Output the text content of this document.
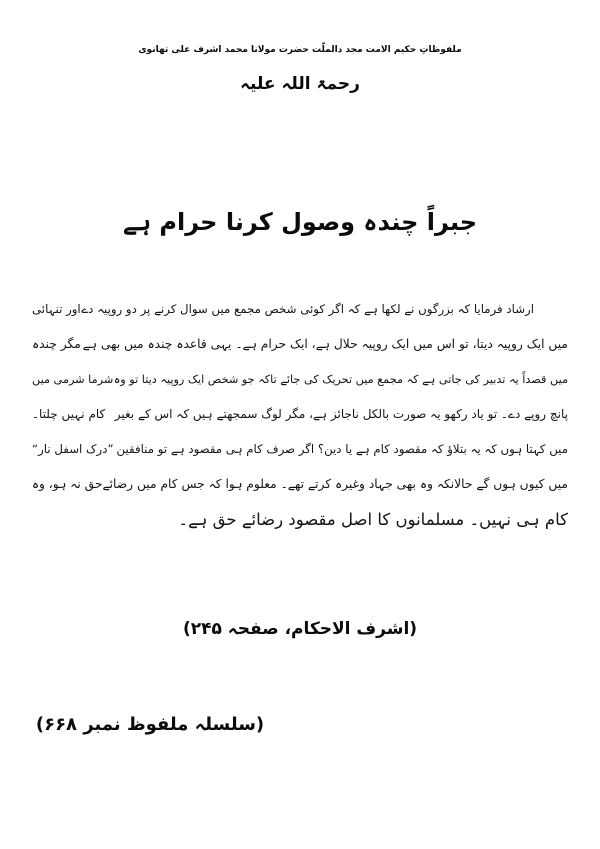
ملفوظاتِ حکیم الامت مجد دالملّت حضرت مولانا محمد اشرف علی تھانوی
رحمۃ اللہ علیہ
جبراً چندہ وصول کرنا حرام ہے
ارشاد فرمایا کہ بزرگوں نے لکھا ہے کہ اگر کوئی شخص مجمع میں سوال کرنے پر دو روپیہ دے
اور تنہائی
میں ایک روپیہ دیتا، تو اس میں ایک روپیہ حلال ہے، ایک حرام ہے۔ یہی قاعدہ چندہ میں بھی ہے
مگر چندہ
میں قصداً یہ تدبیر کی جاتی ہے کہ مجمع میں تحریک کی جائے تاکہ جو شخص ایک روپیہ دیتا تو وہ
شرما شرمی میں
پانچ روپے دے۔ تو یاد رکھو یہ صورت بالکل ناجائز ہے، مگر لوگ سمجھتے ہیں کہ اس کے بغیر
کام نہیں چلتا۔
میں کہتا ہوں کہ یہ بتلاؤ کہ مقصود کام ہے یا دین؟ اگر صرف کام ہی مقصود ہے تو منافقین
”درک اسفل نار“
میں کیوں ہوں گے حالانکہ وہ بھی جہاد وغیرہ کرتے تھے۔ معلوم ہوا کہ جس کام میں رضائے
حق نہ ہو، وہ
کام ہی نہیں۔ مسلمانوں کا اصل مقصود رضائے حق ہے۔
(اشرف الاحکام، صفحہ ۲۴۵)
(سلسلہ ملفوظ نمبر ۶۶۸)
